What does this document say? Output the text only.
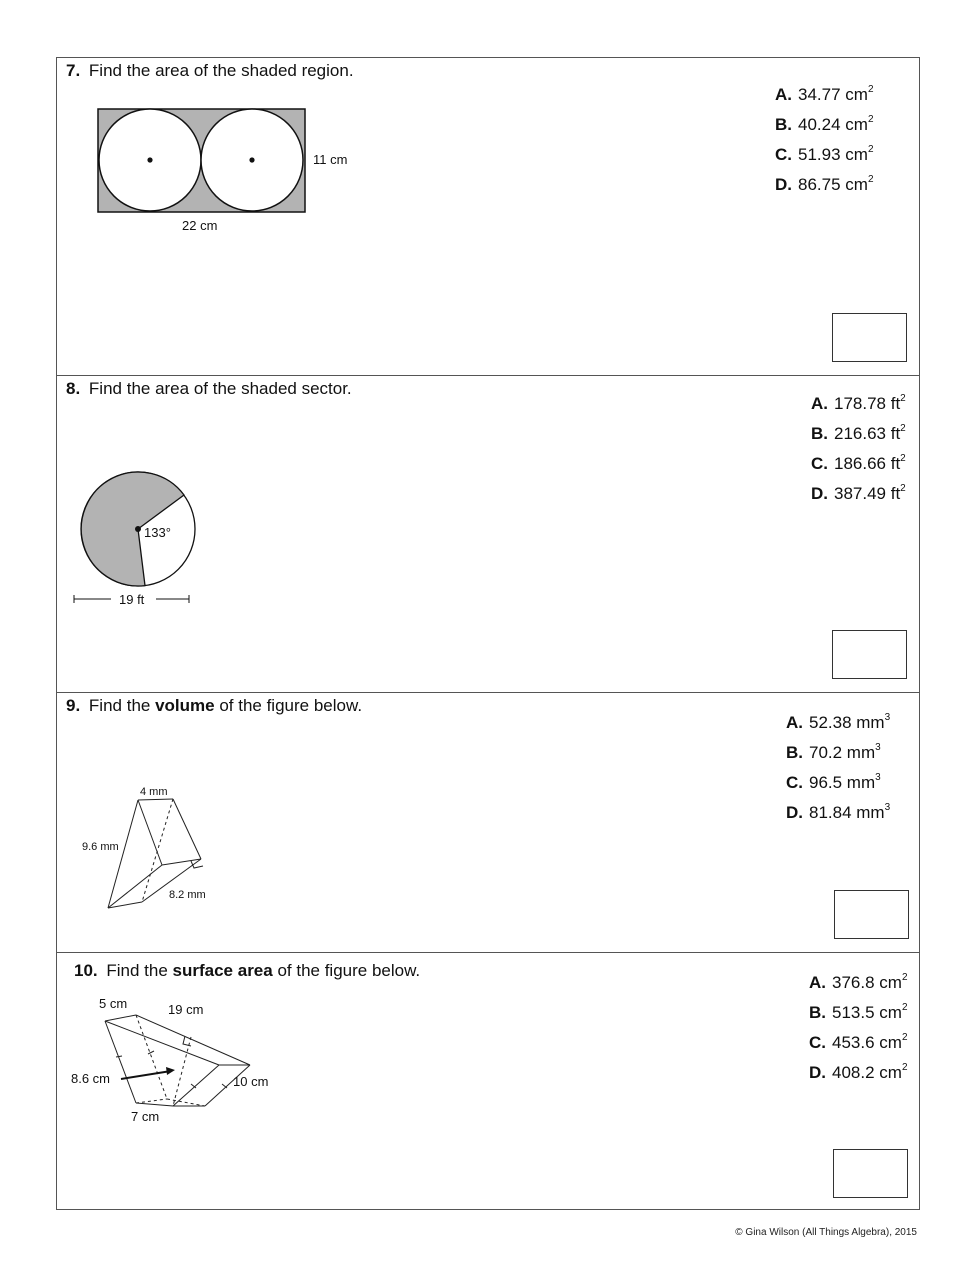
7. Find the area of the shaded region.
11 cm
22 cm
A. 34.77 $cm^2$
B. 40.24 $cm^2$
C. 51.93 $cm^2$
D. 86.75 $cm^2$
8. Find the area of the shaded sector.
133°
19 ft
A. 178.78 $ft^2$
B. 216.63 $ft^2$
C. 186.66 $ft^2$
D. 387.49 $ft^2$
9. Find the volume of the figure below.
4 mm
9.6 mm
8.2 mm
A. 52.38 $mm^3$
B. 70.2 $mm^3$
C. 96.5 $mm^3$
D. 81.84 $mm^3$
10. Find the surface area of the figure below.
5 cm	19 cm
8.6 cm	10 cm
7 cm
A. 376.8 $cm^2$
B. 513.5 $cm^2$
C. 453.6 $cm^2$
D. 408.2 $cm^2$
© Gina Wilson (All Things Algebra), 2015
